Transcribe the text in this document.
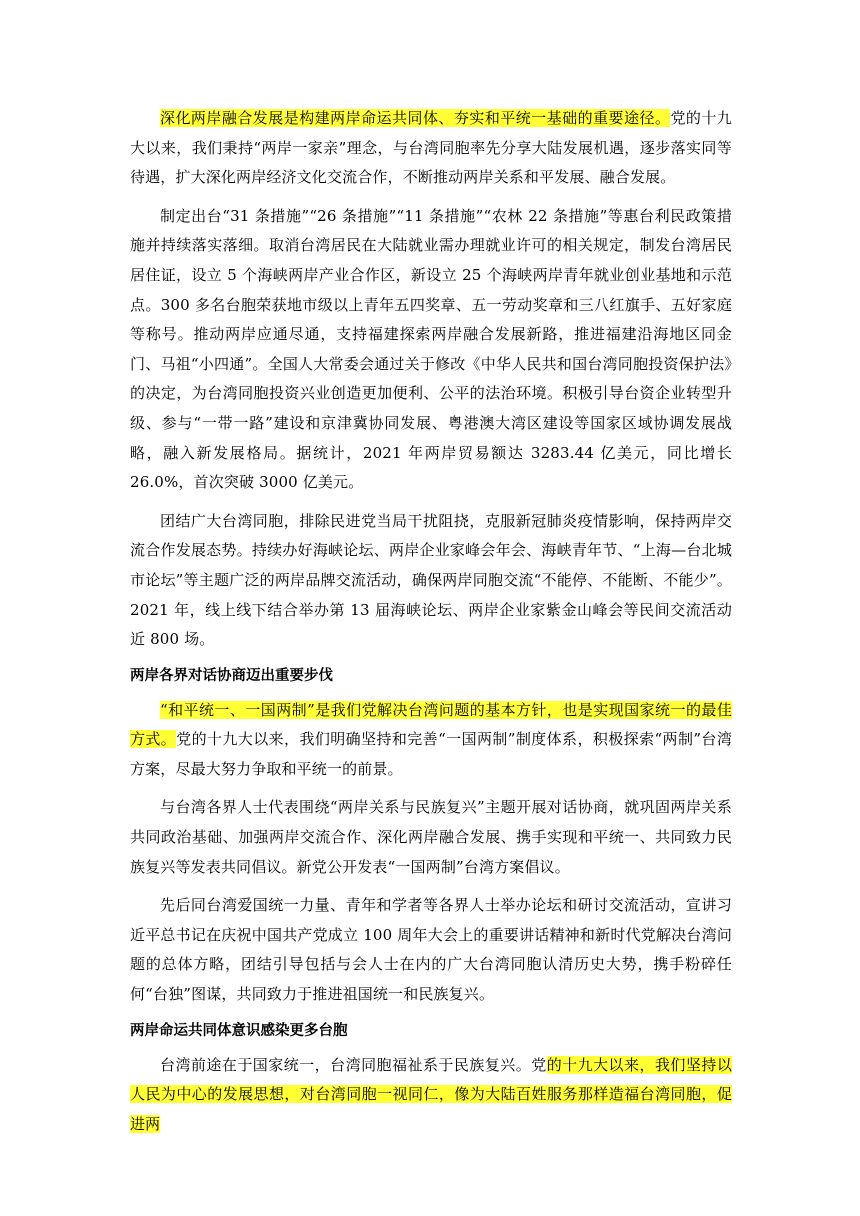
深化两岸融合发展是构建两岸命运共同体、夯实和平统一基础的重要途径。党的十九大以来，我们秉持“两岸一家亲”理念，与台湾同胞率先分享大陆发展机遇，逐步落实同等待遇，扩大深化两岸经济文化交流合作，不断推动两岸关系和平发展、融合发展。

制定出台“31 条措施”“26 条措施”“11 条措施”“农林 22 条措施”等惠台利民政策措施并持续落实落细。取消台湾居民在大陆就业需办理就业许可的相关规定，制发台湾居民居住证，设立 5 个海峡两岸产业合作区，新设立 25 个海峡两岸青年就业创业基地和示范点。300 多名台胞荣获地市级以上青年五四奖章、五一劳动奖章和三八红旗手、五好家庭等称号。推动两岸应通尽通，支持福建探索两岸融合发展新路，推进福建沿海地区同金门、马祖“小四通”。全国人大常委会通过关于修改《中华人民共和国台湾同胞投资保护法》的决定，为台湾同胞投资兴业创造更加便利、公平的法治环境。积极引导台资企业转型升级、参与“一带一路”建设和京津冀协同发展、粤港澳大湾区建设等国家区域协调发展战略，融入新发展格局。据统计，2021 年两岸贸易额达 3283.44 亿美元，同比增长 26.0%，首次突破 3000 亿美元。

团结广大台湾同胞，排除民进党当局干扰阻挠，克服新冠肺炎疫情影响，保持两岸交流合作发展态势。持续办好海峡论坛、两岸企业家峰会年会、海峡青年节、“上海—台北城市论坛”等主题广泛的两岸品牌交流活动，确保两岸同胞交流“不能停、不能断、不能少”。2021 年，线上线下结合举办第 13 届海峡论坛、两岸企业家紫金山峰会等民间交流活动近 800 场。

两岸各界对话协商迈出重要步伐

“和平统一、一国两制”是我们党解决台湾问题的基本方针，也是实现国家统一的最佳方式。党的十九大以来，我们明确坚持和完善“一国两制”制度体系，积极探索“两制”台湾方案，尽最大努力争取和平统一的前景。

与台湾各界人士代表围绕“两岸关系与民族复兴”主题开展对话协商，就巩固两岸关系共同政治基础、加强两岸交流合作、深化两岸融合发展、携手实现和平统一、共同致力民族复兴等发表共同倡议。新党公开发表“一国两制”台湾方案倡议。

先后同台湾爱国统一力量、青年和学者等各界人士举办论坛和研讨交流活动，宣讲习近平总书记在庆祝中国共产党成立 100 周年大会上的重要讲话精神和新时代党解决台湾问题的总体方略，团结引导包括与会人士在内的广大台湾同胞认清历史大势，携手粉碎任何“台独”图谋，共同致力于推进祖国统一和民族复兴。

两岸命运共同体意识感染更多台胞

台湾前途在于国家统一，台湾同胞福祉系于民族复兴。党的十九大以来，我们坚持以人民为中心的发展思想，对台湾同胞一视同仁，像为大陆百姓服务那样造福台湾同胞，促进两
